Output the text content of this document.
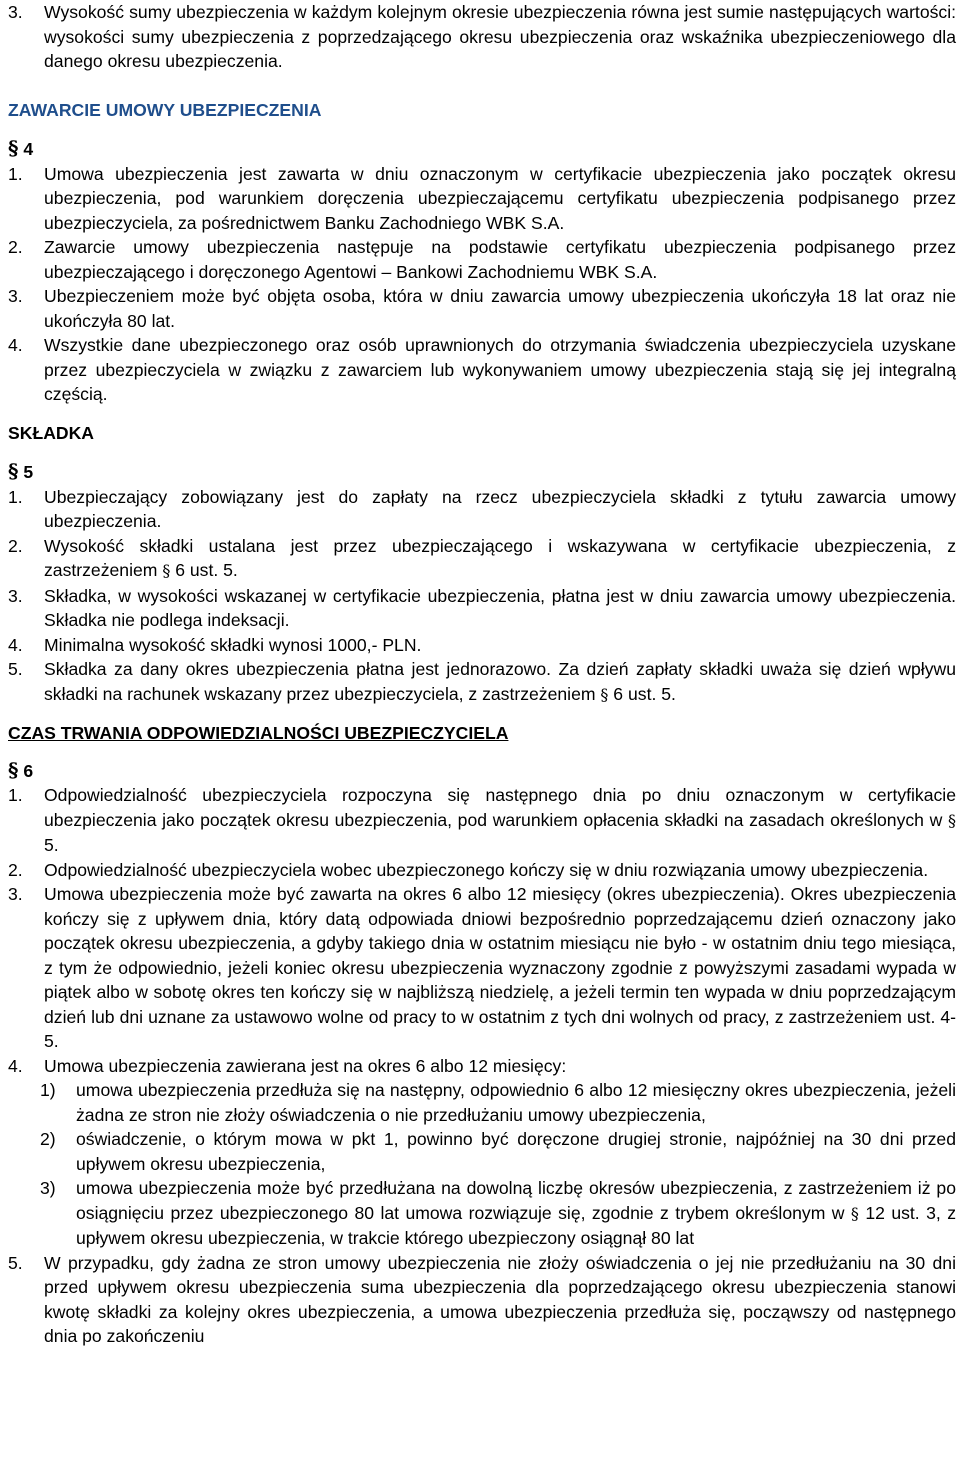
3. Wysokość sumy ubezpieczenia w każdym kolejnym okresie ubezpieczenia równa jest sumie następujących wartości: wysokości sumy ubezpieczenia z poprzedzającego okresu ubezpieczenia oraz wskaźnika ubezpieczeniowego dla danego okresu ubezpieczenia.
ZAWARCIE UMOWY UBEZPIECZENIA
§ 4
1. Umowa ubezpieczenia jest zawarta w dniu oznaczonym w certyfikacie ubezpieczenia jako początek okresu ubezpieczenia, pod warunkiem doręczenia ubezpieczającemu certyfikatu ubezpieczenia podpisanego przez ubezpieczyciela, za pośrednictwem Banku Zachodniego WBK S.A.
2. Zawarcie umowy ubezpieczenia następuje na podstawie certyfikatu ubezpieczenia podpisanego przez ubezpieczającego i doręczonego Agentowi – Bankowi Zachodniemu WBK S.A.
3. Ubezpieczeniem może być objęta osoba, która w dniu zawarcia umowy ubezpieczenia ukończyła 18 lat oraz nie ukończyła 80 lat.
4. Wszystkie dane ubezpieczonego oraz osób uprawnionych do otrzymania świadczenia ubezpieczyciela uzyskane przez ubezpieczyciela w związku z zawarciem lub wykonywaniem umowy ubezpieczenia stają się jej integralną częścią.
SKŁADKA
§ 5
1. Ubezpieczający zobowiązany jest do zapłaty na rzecz ubezpieczyciela składki z tytułu zawarcia umowy ubezpieczenia.
2. Wysokość składki ustalana jest przez ubezpieczającego i wskazywana w certyfikacie ubezpieczenia, z zastrzeżeniem § 6 ust. 5.
3. Składka, w wysokości wskazanej w certyfikacie ubezpieczenia, płatna jest w dniu zawarcia umowy ubezpieczenia. Składka nie podlega indeksacji.
4. Minimalna wysokość składki wynosi 1000,- PLN.
5. Składka za dany okres ubezpieczenia płatna jest jednorazowo. Za dzień zapłaty składki uważa się dzień wpływu składki na rachunek wskazany przez ubezpieczyciela, z zastrzeżeniem § 6 ust. 5.
CZAS TRWANIA ODPOWIEDZIALNOŚCI UBEZPIECZYCIELA
§ 6
1. Odpowiedzialność ubezpieczyciela rozpoczyna się następnego dnia po dniu oznaczonym w certyfikacie ubezpieczenia jako początek okresu ubezpieczenia, pod warunkiem opłacenia składki na zasadach określonych w § 5.
2. Odpowiedzialność ubezpieczyciela wobec ubezpieczonego kończy się w dniu rozwiązania umowy ubezpieczenia.
3. Umowa ubezpieczenia może być zawarta na okres 6 albo 12 miesięcy (okres ubezpieczenia). Okres ubezpieczenia kończy się z upływem dnia, który datą odpowiada dniowi bezpośrednio poprzedzającemu dzień oznaczony jako początek okresu ubezpieczenia, a gdyby takiego dnia w ostatnim miesiącu nie było - w ostatnim dniu tego miesiąca, z tym że odpowiednio, jeżeli koniec okresu ubezpieczenia wyznaczony zgodnie z powyższymi zasadami wypada w piątek albo w sobotę okres ten kończy się w najbliższą niedzielę, a jeżeli termin ten wypada w dniu poprzedzającym dzień lub dni uznane za ustawowo wolne od pracy to w ostatnim z tych dni wolnych od pracy, z zastrzeżeniem ust. 4-5.
4. Umowa ubezpieczenia zawierana jest na okres 6 albo 12 miesięcy:
1) umowa ubezpieczenia przedłuża się na następny, odpowiednio 6 albo 12 miesięczny okres ubezpieczenia, jeżeli żadna ze stron nie złoży oświadczenia o nie przedłużaniu umowy ubezpieczenia,
2) oświadczenie, o którym mowa w pkt 1, powinno być doręczone drugiej stronie, najpóźniej na 30 dni przed upływem okresu ubezpieczenia,
3) umowa ubezpieczenia może być przedłużana na dowolną liczbę okresów ubezpieczenia, z zastrzeżeniem iż po osiągnięciu przez ubezpieczonego 80 lat umowa rozwiązuje się, zgodnie z trybem określonym w § 12 ust. 3, z upływem okresu ubezpieczenia, w trakcie którego ubezpieczony osiągnął 80 lat
5. W przypadku, gdy żadna ze stron umowy ubezpieczenia nie złoży oświadczenia o jej nie przedłużaniu na 30 dni przed upływem okresu ubezpieczenia suma ubezpieczenia dla poprzedzającego okresu ubezpieczenia stanowi kwotę składki za kolejny okres ubezpieczenia, a umowa ubezpieczenia przedłuża się, począwszy od następnego dnia po zakończeniu
